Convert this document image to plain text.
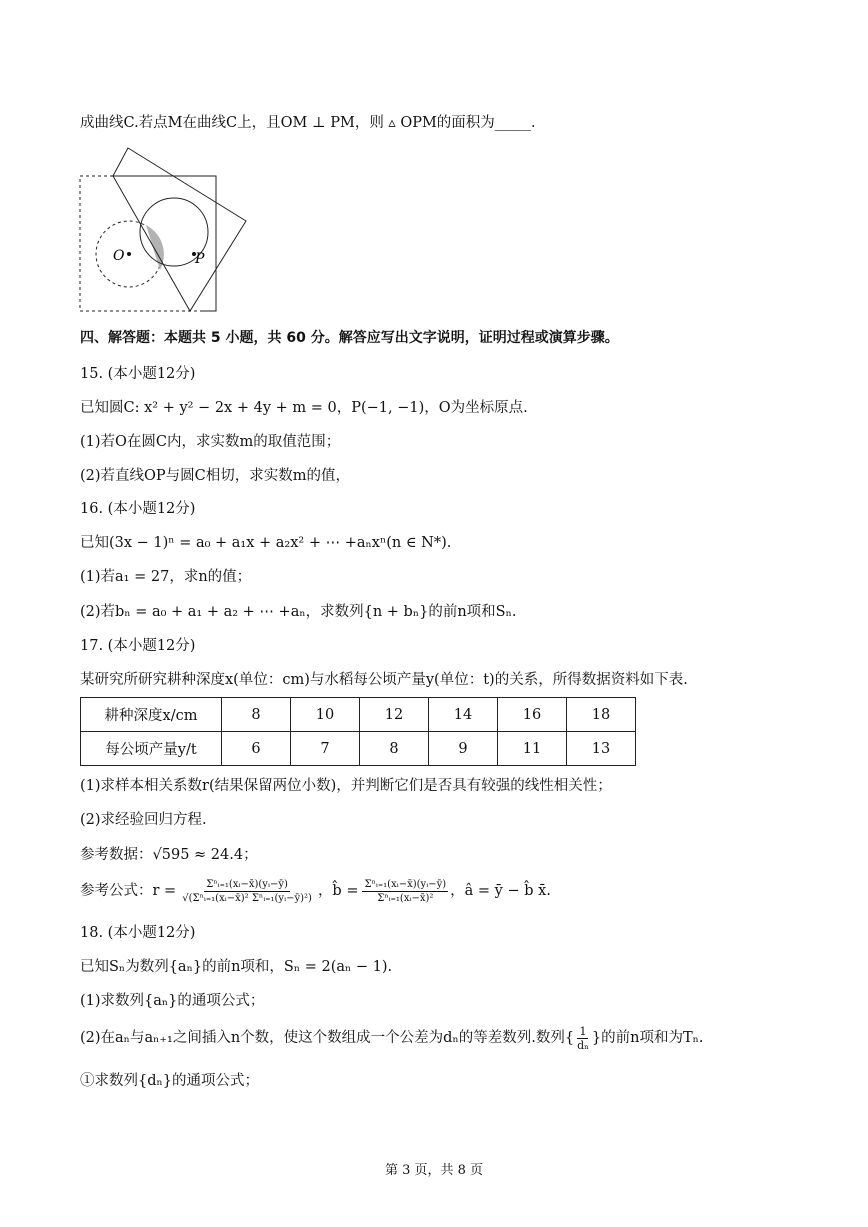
成曲线C.若点M在曲线C上，且OM ⊥ PM，则 ▵ OPM的面积为_____.
O	P
四、解答题：本题共 5 小题，共 60 分。解答应写出文字说明，证明过程或演算步骤。
15. (本小题12分)
已知圆C: x² + y² − 2x + 4y + m = 0，P(−1, −1)，O为坐标原点.
(1)若O在圆C内，求实数m的取值范围；
(2)若直线OP与圆C相切，求实数m的值，
16. (本小题12分)
已知(3x − 1)ⁿ = a₀ + a₁x + a₂x² + ⋯ +aₙxⁿ(n ∈ N*).
(1)若a₁ = 27，求n的值；
(2)若bₙ = a₀ + a₁ + a₂ + ⋯ +aₙ，求数列{n + bₙ}的前n项和Sₙ.
17. (本小题12分)
某研究所研究耕种深度x(单位：cm)与水稻每公顷产量y(单位：t)的关系，所得数据资料如下表.
耕种深度x/cm	8	10	12	14	16	18
每公顷产量y/t	6	7	8	9	11	13
(1)求样本相关系数r(结果保留两位小数)，并判断它们是否具有较强的线性相关性；
(2)求经验回归方程.
参考数据：√595 ≈ 24.4；
参考公式： r =	Σⁿᵢ₌₁(xᵢ−x̄)(yᵢ−ȳ)
√(Σⁿᵢ₌₁(xᵢ−x̄)² Σⁿᵢ₌₁(yᵢ−ȳ)²) ，b̂ = Σⁿᵢ₌₁(xᵢ−x̄)(yᵢ−ȳ)
Σⁿᵢ₌₁(xᵢ−x̄)² ，â = ȳ − b̂ x̄.
18. (本小题12分)
已知Sₙ为数列{aₙ}的前n项和，Sₙ = 2(aₙ − 1).
(1)求数列{aₙ}的通项公式；
(2)在aₙ与aₙ₊₁之间插入n个数，使这个数组成一个公差为dₙ的等差数列.数列{ $\frac{1}{\text{dₙ}}$ }的前n项和为Tₙ.
①求数列{dₙ}的通项公式；
第 3 页，共 8 页
